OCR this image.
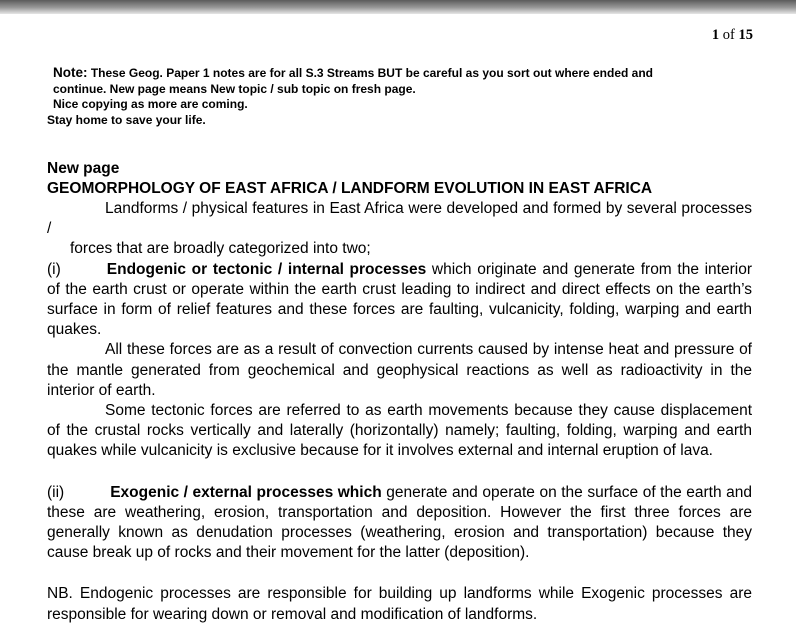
1 of 15
Note: These Geog. Paper 1 notes are for all S.3 Streams BUT be careful as you sort out where ended and
continue. New page means New topic / sub topic on fresh page.
Nice copying as more are coming.
Stay home to save your life.
New page
GEOMORPHOLOGY OF EAST AFRICA / LANDFORM EVOLUTION IN EAST AFRICA

Landforms / physical features in East Africa were developed and formed by several processes /

forces that are broadly categorized into two;

(i)	Endogenic or tectonic / internal processes which originate and generate from the interior of the earth crust or operate within the earth crust leading to indirect and direct effects on the earth’s surface in form of relief features and these forces are faulting, vulcanicity, folding, warping and earth quakes.

All these forces are as a result of convection currents caused by intense heat and pressure of the mantle generated from geochemical and geophysical reactions as well as radioactivity in the interior of earth.

Some tectonic forces are referred to as earth movements because they cause displacement of the crustal rocks vertically and laterally (horizontally) namely; faulting, folding, warping and earth quakes while vulcanicity is exclusive because for it involves external and internal eruption of lava.

(ii)	Exogenic / external processes which generate and operate on the surface of the earth and these are weathering, erosion, transportation and deposition. However the first three forces are generally known as denudation processes (weathering, erosion and transportation) because they cause break up of rocks and their movement for the latter (deposition).

NB. Endogenic processes are responsible for building up landforms while Exogenic processes are responsible for wearing down or removal and modification of landforms.
